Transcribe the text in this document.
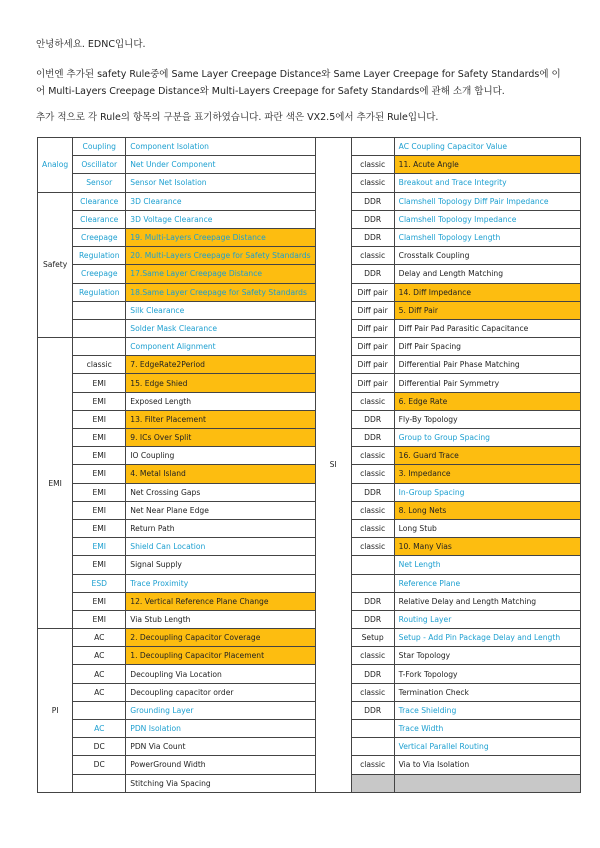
안녕하세요. EDNC입니다.
이번엔 추가된 safety Rule중에 Same Layer Creepage Distance와 Same Layer Creepage for Safety Standards에 이
어 Multi-Layers Creepage Distance와 Multi-Layers Creepage for Safety Standards에 관해 소개 합니다.
추가 적으로 각 Rule의 항목의 구분을 표기하였습니다. 파란 색은 VX2.5에서 추가된 Rule입니다.
Analog	Coupling	Component Isolation	SI		AC Coupling Capacitor Value
	Oscillator	Net Under Component		classic	11. Acute Angle
	Sensor	Sensor Net Isolation		classic	Breakout and Trace Integrity
Safety	Clearance	3D Clearance		DDR	Clamshell Topology Diff Pair Impedance
	Clearance	3D Voltage Clearance		DDR	Clamshell Topology Impedance
	Creepage	19. Multi-Layers Creepage Distance		DDR	Clamshell Topology Length
	Regulation	20. Multi-Layers Creepage for Safety Standards		classic	Crosstalk Coupling
	Creepage	17.Same Layer Creepage Distance		DDR	Delay and Length Matching
	Regulation	18.Same Layer Creepage for Safety Standards		Diff pair	14. Diff Impedance
		Silk Clearance		Diff pair	5. Diff Pair
		Solder Mask Clearance		Diff pair	Diff Pair Pad Parasitic Capacitance
EMI		Component Alignment		Diff pair	Diff Pair Spacing
	classic	7. EdgeRate2Period		Diff pair	Differential Pair Phase Matching
	EMI	15. Edge Shied		Diff pair	Differential Pair Symmetry
	EMI	Exposed Length		classic	6. Edge Rate
	EMI	13. Filter Placement		DDR	Fly-By Topology
	EMI	9. ICs Over Split		DDR	Group to Group Spacing
	EMI	IO Coupling		classic	16. Guard Trace
	EMI	4. Metal Island		classic	3. Impedance
	EMI	Net Crossing Gaps		DDR	In-Group Spacing
	EMI	Net Near Plane Edge		classic	8. Long Nets
	EMI	Return Path		classic	Long Stub
	EMI	Shield Can Location		classic	10. Many Vias
	EMI	Signal Supply			Net Length
	ESD	Trace Proximity			Reference Plane
	EMI	12. Vertical Reference Plane Change		DDR	Relative Delay and Length Matching
	EMI	Via Stub Length		DDR	Routing Layer
PI	AC	2. Decoupling Capacitor Coverage		Setup	Setup - Add Pin Package Delay and Length
	AC	1. Decoupling Capacitor Placement		classic	Star Topology
	AC	Decoupling Via Location		DDR	T-Fork Topology
	AC	Decoupling capacitor order		classic	Termination Check
		Grounding Layer		DDR	Trace Shielding
	AC	PDN Isolation			Trace Width
	DC	PDN Via Count			Vertical Parallel Routing
	DC	PowerGround Width		classic	Via to Via Isolation
		Stitching Via Spacing			
